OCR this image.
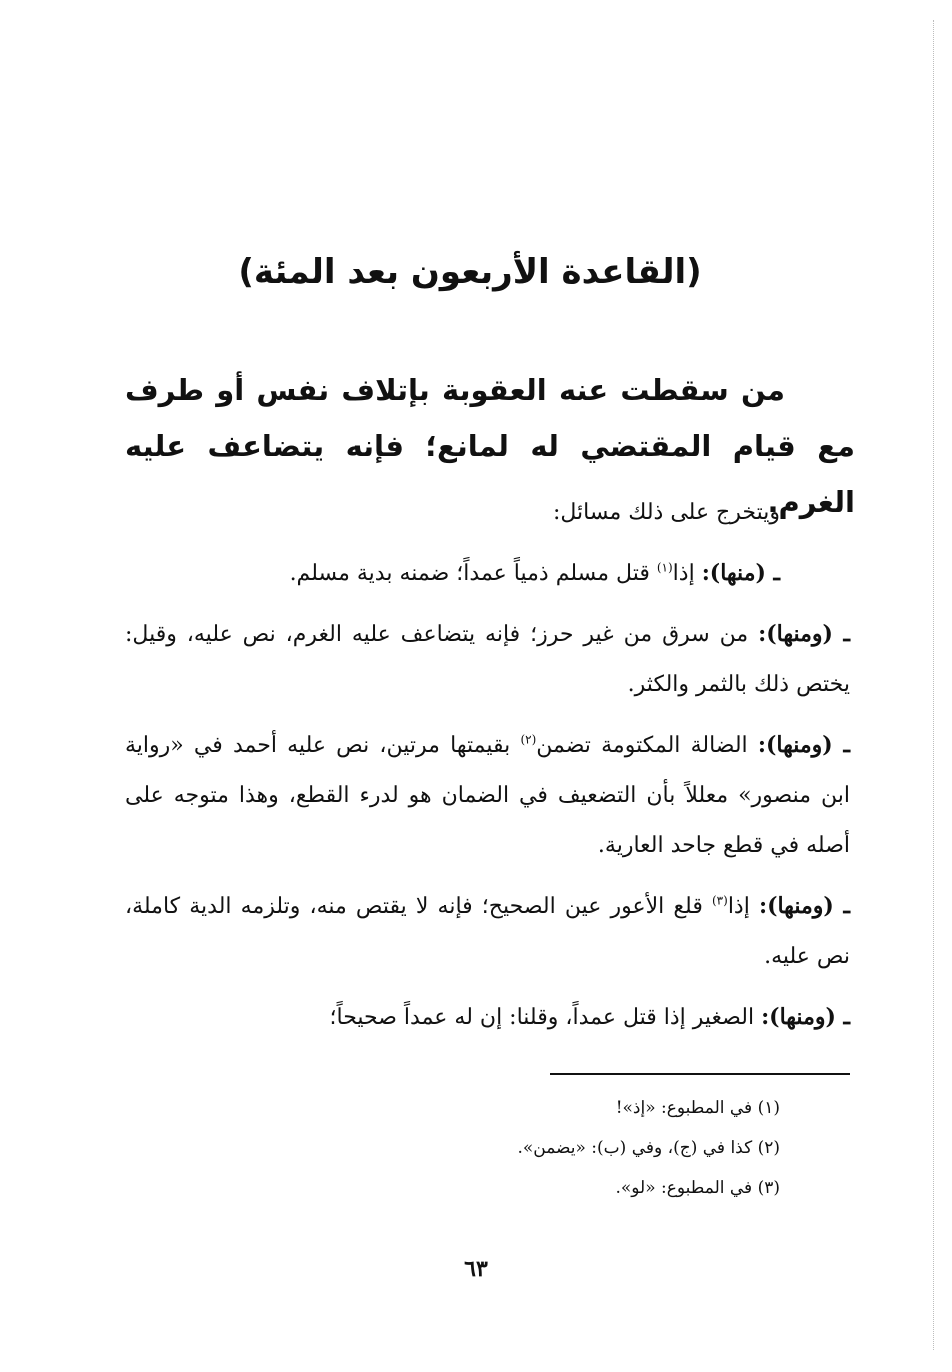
(القاعدة الأربعون بعد المئة)

من سقطت عنه العقوبة بإتلاف نفس أو طرف مع قيام المقتضي له لمانع؛ فإنه يتضاعف عليه الغرم.

ويتخرج على ذلك مسائل:

ـ (منها): إذا$^{(١)}$ قتل مسلم ذمياً عمداً؛ ضمنه بدية مسلم.

ـ (ومنها): من سرق من غير حرز؛ فإنه يتضاعف عليه الغرم، نص عليه، وقيل: يختص ذلك بالثمر والكثر.

ـ (ومنها): الضالة المكتومة تضمن$^{(٢)}$ بقيمتها مرتين، نص عليه أحمد في «رواية ابن منصور» معللاً بأن التضعيف في الضمان هو لدرء القطع، وهذا متوجه على أصله في قطع جاحد العارية.

ـ (ومنها): إذا$^{(٣)}$ قلع الأعور عين الصحيح؛ فإنه لا يقتص منه، وتلزمه الدية كاملة، نص عليه.

ـ (ومنها): الصغير إذا قتل عمداً، وقلنا: إن له عمداً صحيحاً؛

(١) في المطبوع: «إذ»!
(٢) كذا في (ج)، وفي (ب): «يضمن».
(٣) في المطبوع: «لو».
٦٣
